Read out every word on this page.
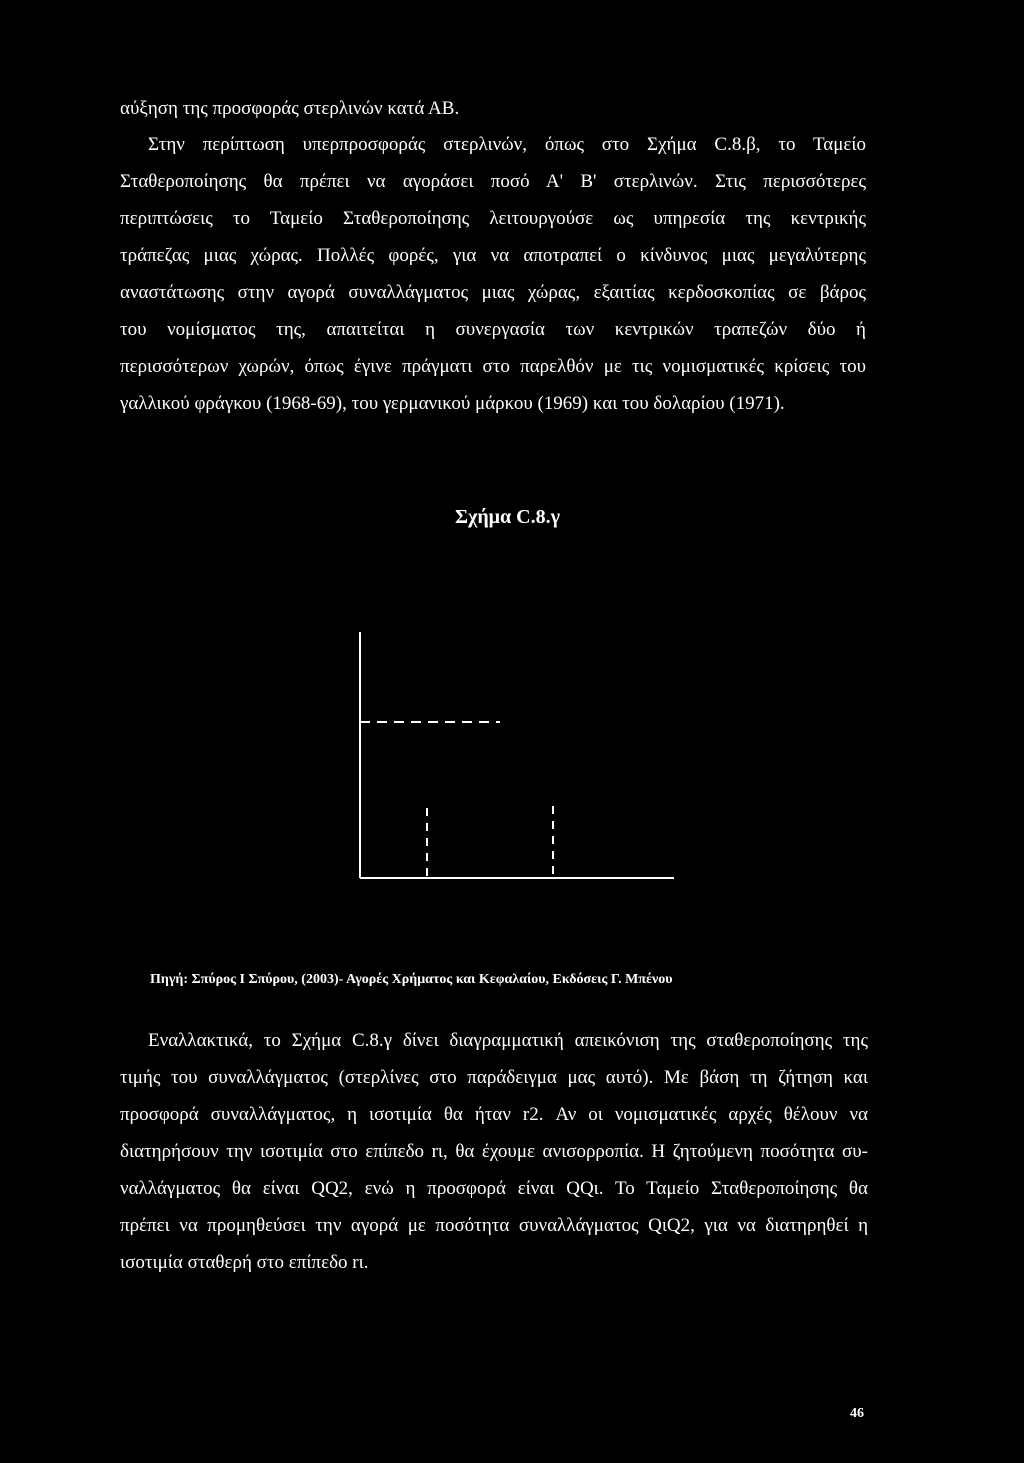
αύξηση της προσφοράς στερλινών κατά ΑΒ.
Στην περίπτωση υπερπροσφοράς στερλινών, όπως στο Σχήμα C.8.β, το Ταμείο
Σταθεροποίησης θα πρέπει να αγοράσει ποσό Α' Β' στερλινών. Στις περισσότερες
περιπτώσεις το Ταμείο Σταθεροποίησης λειτουργούσε ως υπηρεσία της κεντρικής
τράπεζας μιας χώρας. Πολλές φορές, για να αποτραπεί ο κίνδυνος μιας μεγαλύτερης
αναστάτωσης στην αγορά συναλλάγματος μιας χώρας, εξαιτίας κερδοσκοπίας σε βάρος
του νομίσματος της, απαιτείται η συνεργασία των κεντρικών τραπεζών δύο ή
περισσότερων χωρών, όπως έγινε πράγματι στο παρελθόν με τις νομισματικές κρίσεις του
γαλλικού φράγκου (1968-69), του γερμανικού μάρκου (1969) και του δολαρίου (1971).
Σχήμα C.8.γ
Πηγή: Σπύρος Ι Σπύρου, (2003)- Αγορές Χρήματος και Κεφαλαίου, Εκδόσεις Γ. Μπένου
Εναλλακτικά, το Σχήμα C.8.γ δίνει διαγραμματική απεικόνιση της σταθεροποίησης της
τιμής του συναλλάγματος (στερλίνες στο παράδειγμα μας αυτό). Με βάση τη ζήτηση και
προσφορά συναλλάγματος, η ισοτιμία θα ήταν r2. Αν οι νομισματικές αρχές θέλουν να
διατηρήσουν την ισοτιμία στο επίπεδο rι, θα έχουμε ανισορροπία. Η ζητούμενη ποσότητα συ-
ναλλάγματος θα είναι QQ2, ενώ η προσφορά είναι QQι. Το Ταμείο Σταθεροποίησης θα
πρέπει να προμηθεύσει την αγορά με ποσότητα συναλλάγματος QιQ2, για να διατηρηθεί η
ισοτιμία σταθερή στο επίπεδο rι.
46
